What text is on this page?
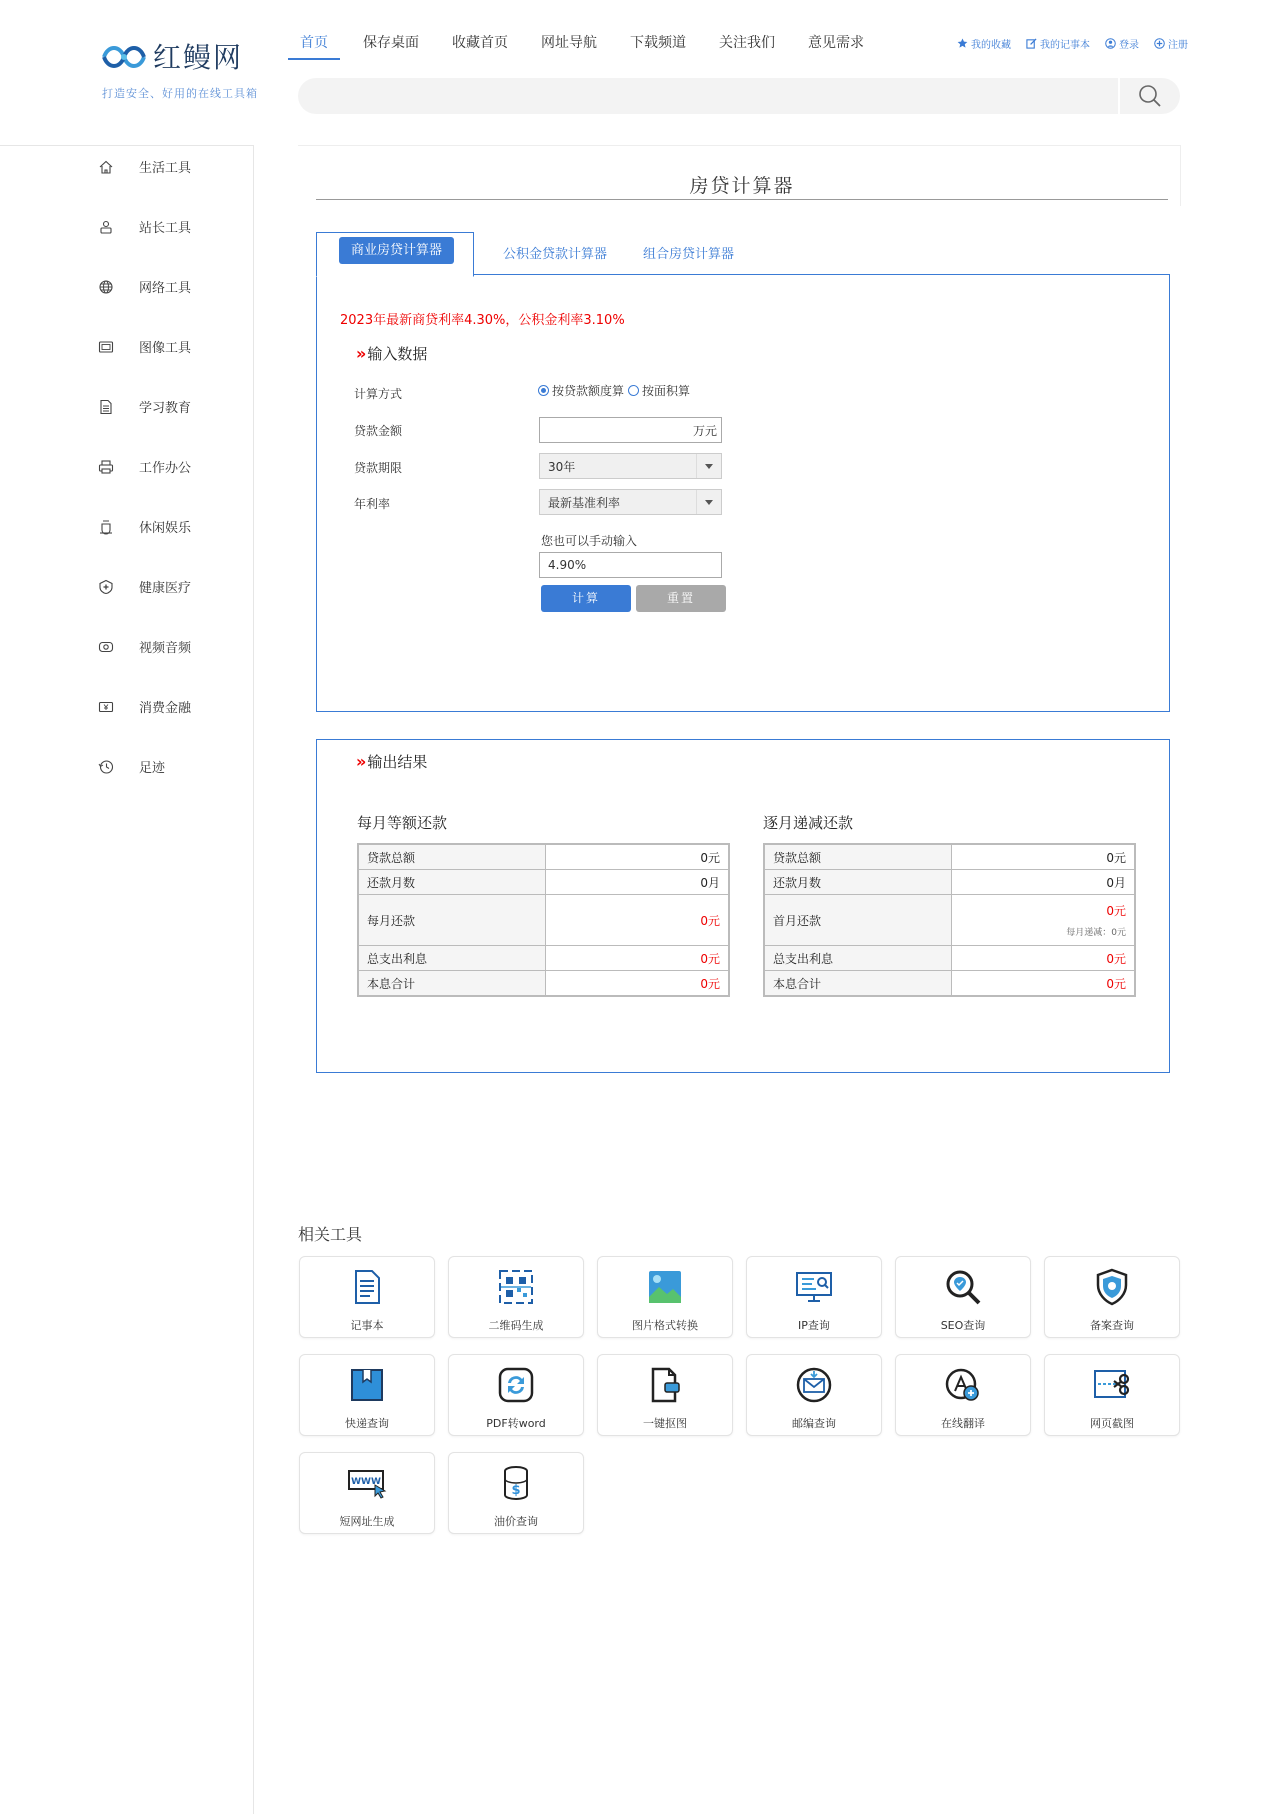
红鳗网
打造安全、好用的在线工具箱
首页	保存桌面 收藏首页 网址导航 下载频道 关注我们 意见需求	我的收藏	我的记事本	登录	注册
生活工具
站长工具
网络工具
图像工具
学习教育
工作办公
休闲娱乐
健康医疗
视频音频
消费金融
足迹
房贷计算器
商业房贷计算器	公积金贷款计算器	组合房贷计算器
2023年最新商贷利率4.30%，公积金利率3.10%
» 输入数据
计算方式	按贷款额度算 按面积算
贷款金额	万元
贷款期限	30年
年利率	最新基准利率
您也可以手动输入
4.90%
计算	重置
» 输出结果
每月等额还款
贷款总额	0元
还款月数	0月
每月还款	0元
总支出利息	0元
本息合计	0元
逐月递减还款
贷款总额	0元
还款月数	0月
首月还款	0元
每月递减：0元

总支出利息	0元
本息合计	0元
相关工具
记事本	二维码生成	图片格式转换	IP查询	SEO查询	备案查询
快递查询	PDF转word	一键抠图	邮编查询	在线翻译	网页截图
WWW
短网址生成
$
油价查询
